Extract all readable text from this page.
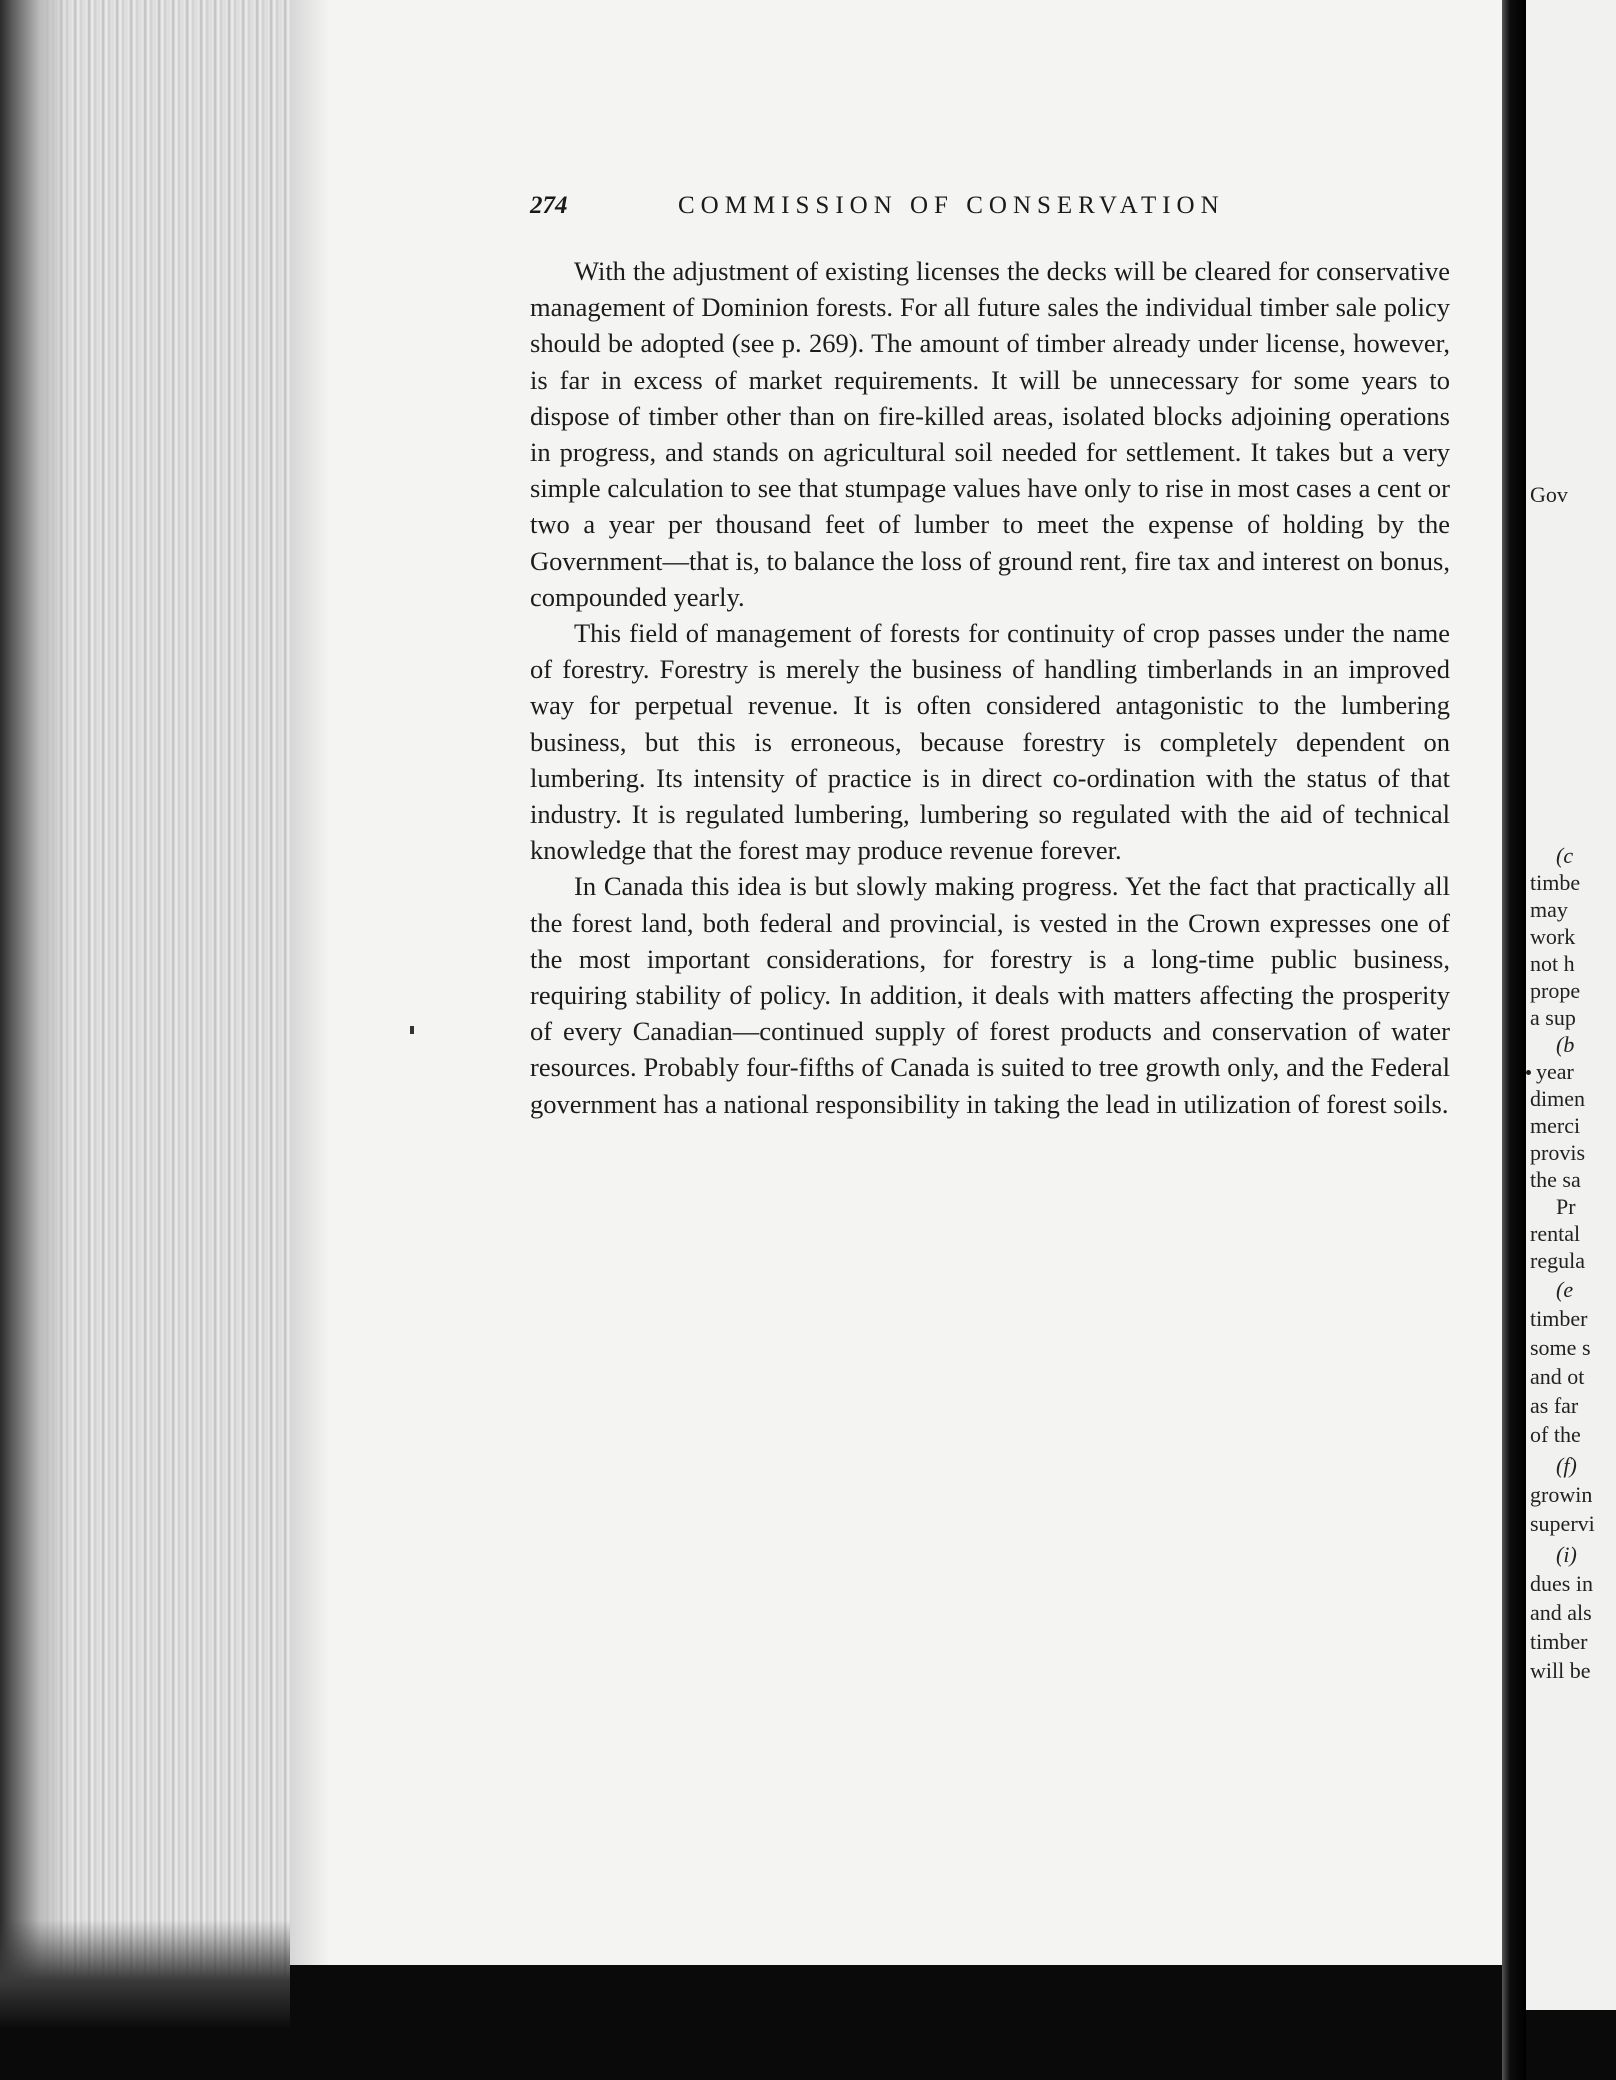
274	COMMISSION OF CONSERVATION

With the adjustment of existing licenses the decks will be cleared for conservative management of Dominion forests. For all future sales the individual timber sale policy should be adopted (see p. 269). The amount of timber already under license, however, is far in excess of market requirements. It will be unnecessary for some years to dispose of timber other than on fire-killed areas, isolated blocks adjoining operations in progress, and stands on agricultural soil needed for settlement. It takes but a very simple calculation to see that stumpage values have only to rise in most cases a cent or two a year per thousand feet of lumber to meet the expense of holding by the Government—that is, to balance the loss of ground rent, fire tax and interest on bonus, compounded yearly.

This field of management of forests for continuity of crop passes under the name of forestry. Forestry is merely the business of handling timberlands in an improved way for perpetual revenue. It is often considered antagonistic to the lumbering business, but this is erroneous, because forestry is completely dependent on lumbering. Its intensity of practice is in direct co-ordination with the status of that industry. It is regulated lumbering, lumbering so regulated with the aid of technical knowledge that the forest may produce revenue forever.

In Canada this idea is but slowly making progress. Yet the fact that practically all the forest land, both federal and provincial, is vested in the Crown expresses one of the most important considerations, for forestry is a long-time public business, requiring stability of policy. In addition, it deals with matters affecting the prosperity of every Canadian—continued supply of forest products and conservation of water resources. Probably four-fifths of Canada is suited to tree growth only, and the Federal government has a national responsibility in taking the lead in utilization of forest soils.

Gov
(c
timbe
may
work
not h
prope
a sup
(b
year
dimen
merci
provis
the sa
Pr
rental
regula
(e
timber
some s
and ot
as far
of the
(f)
growin
supervi
(i)
dues in
and als
timber
will be
